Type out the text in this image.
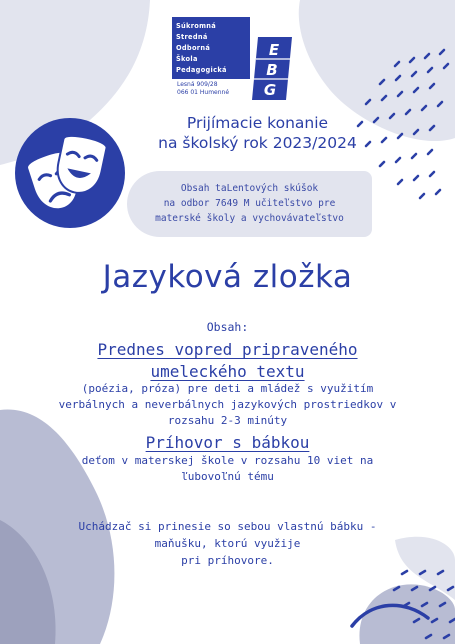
Súkromná
Stredná
Odborná
Škola
Pedagogická
Lesná 909/28
066 01 Humenné
E
B
G
Prijímacie konanie
na školský rok 2023/2024
Obsah taLentových skúšok
na odbor 7649 M učiteľstvo pre
materské školy a vychovávateľstvo
Jazyková zložka
Obsah:
Prednes vopred pripraveného
umeleckého textu
(poézia, próza) pre deti a mládež s využitím
verbálnych a neverbálnych jazykových prostriedkov v
rozsahu 2-3 minúty
Príhovor s bábkou
deťom v materskej škole v rozsahu 10 viet na
ľubovoľnú tému
Uchádzač si prinesie so sebou vlastnú bábku -
maňušku, ktorú využije
pri príhovore.
